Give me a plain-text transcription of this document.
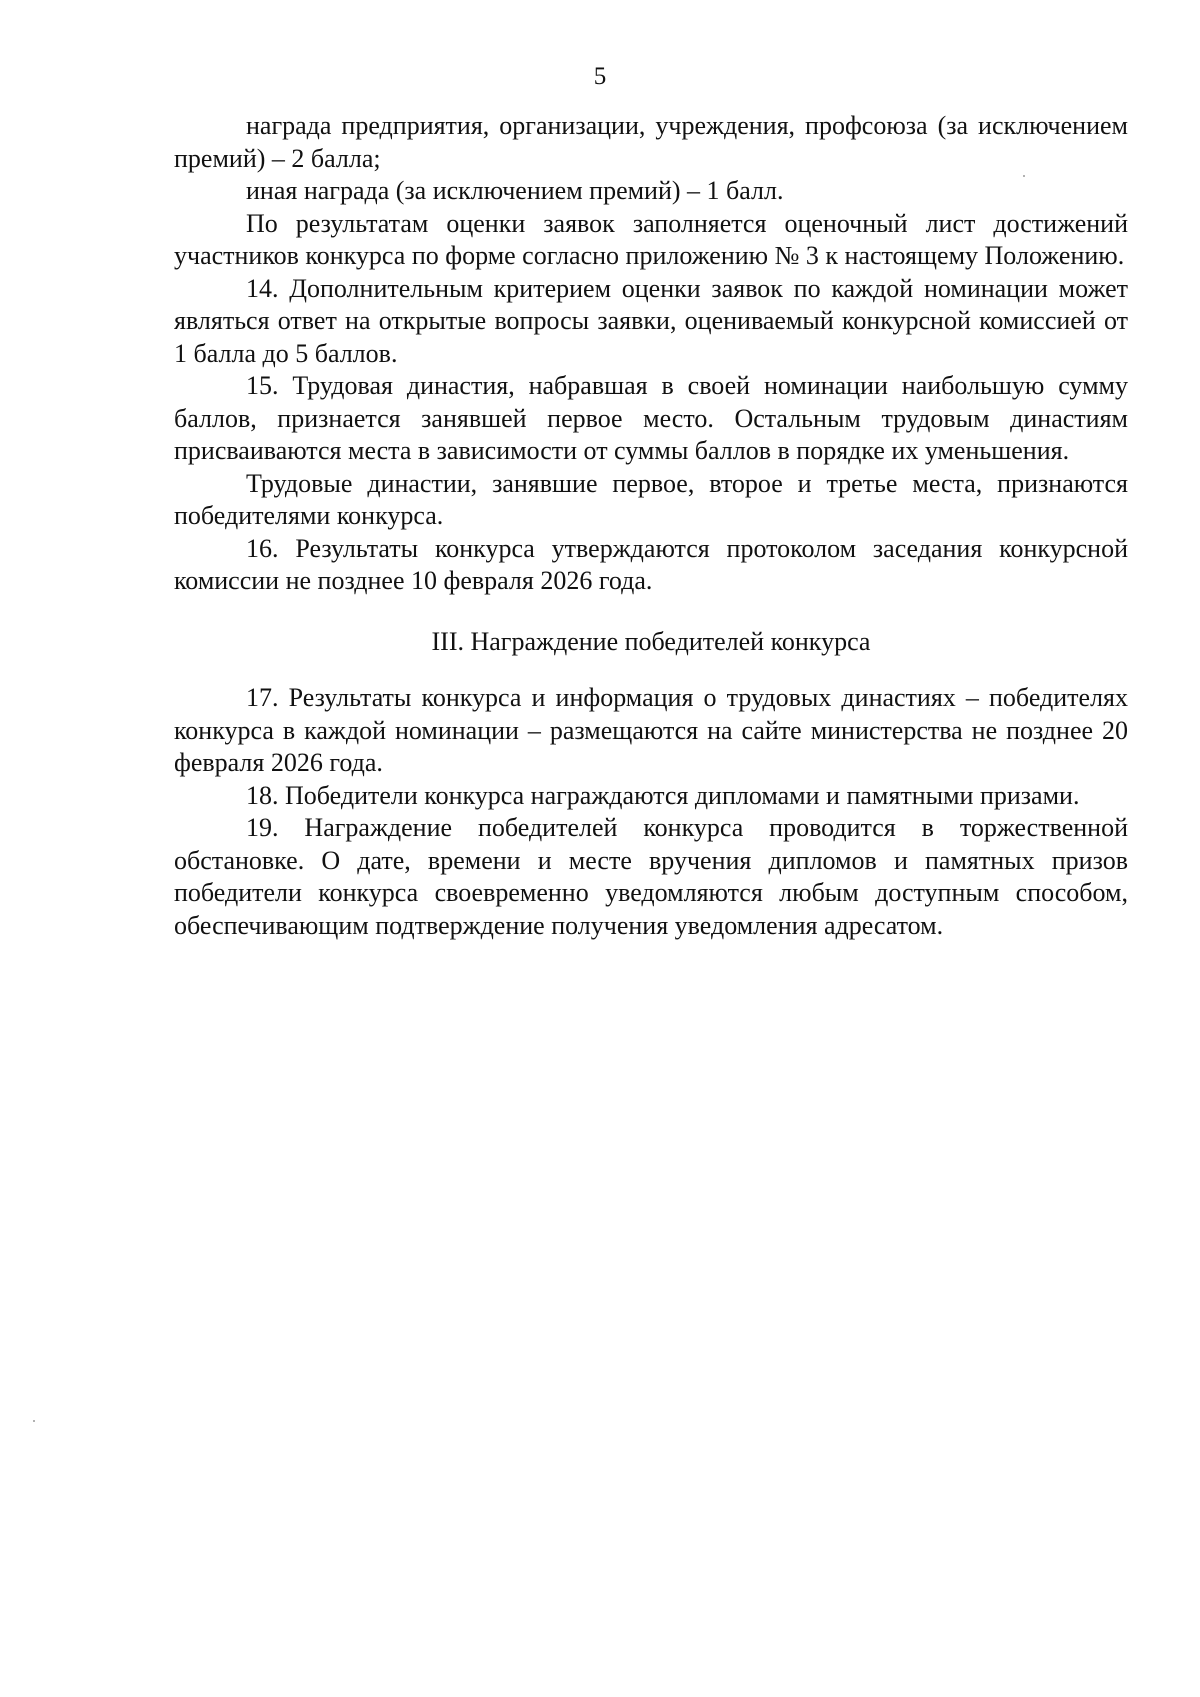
5

награда предприятия, организации, учреждения, профсоюза (за исключением премий) – 2 балла;

иная награда (за исключением премий) – 1 балл.

По результатам оценки заявок заполняется оценочный лист достижений участников конкурса по форме согласно приложению № 3 к настоящему Положению.

14. Дополнительным критерием оценки заявок по каждой номинации может являться ответ на открытые вопросы заявки, оцениваемый конкурсной комиссией от 1 балла до 5 баллов.

15. Трудовая династия, набравшая в своей номинации наибольшую сумму баллов, признается занявшей первое место. Остальным трудовым династиям присваиваются места в зависимости от суммы баллов в порядке их уменьшения.

Трудовые династии, занявшие первое, второе и третье места, признаются победителями конкурса.

16. Результаты конкурса утверждаются протоколом заседания конкурсной комиссии не позднее 10 февраля 2026 года.

III. Награждение победителей конкурса

17. Результаты конкурса и информация о трудовых династиях – победителях конкурса в каждой номинации – размещаются на сайте министерства не позднее 20 февраля 2026 года.

18. Победители конкурса награждаются дипломами и памятными призами.

19. Награждение победителей конкурса проводится в торжественной обстановке. О дате, времени и месте вручения дипломов и памятных призов победители конкурса своевременно уведомляются любым доступным способом, обеспечивающим подтверждение получения уведомления адресатом.
